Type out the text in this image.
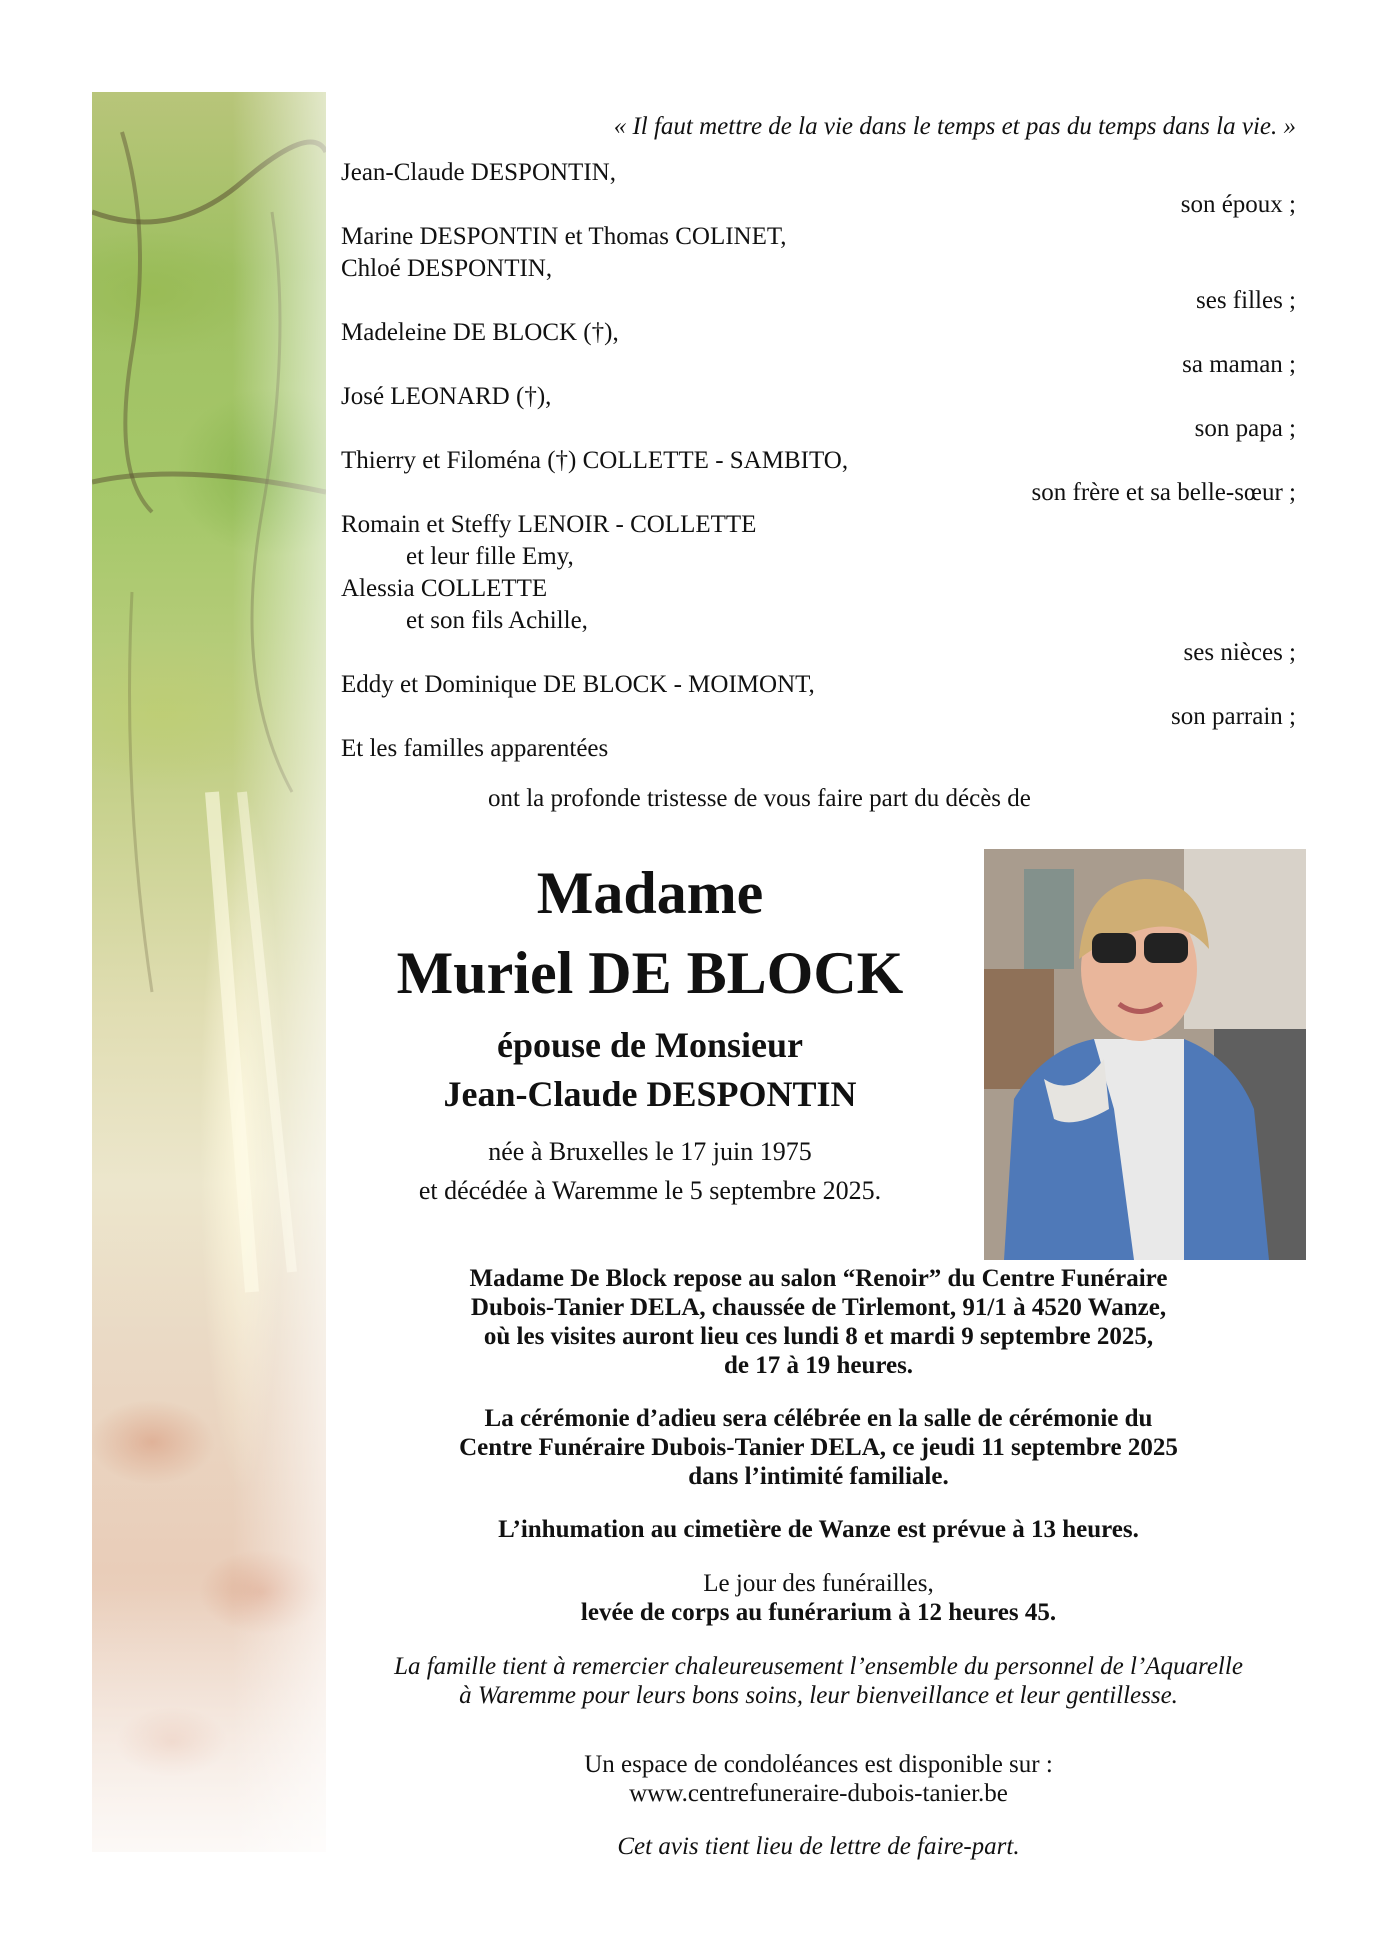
« Il faut mettre de la vie dans le temps et pas du temps dans la vie. »
Jean-Claude DESPONTIN,
son époux ;
Marine DESPONTIN et Thomas COLINET,
Chloé DESPONTIN,
ses filles ;
Madeleine DE BLOCK (†),
sa maman ;
José LEONARD (†),
son papa ;
Thierry et Filoména (†) COLLETTE - SAMBITO,
son frère et sa belle-sœur ;
Romain et Steffy LENOIR - COLLETTE
et leur fille Emy,
Alessia COLLETTE
et son fils Achille,
ses nièces ;
Eddy et Dominique DE BLOCK - MOIMONT,
son parrain ;
Et les familles apparentées
ont la profonde tristesse de vous faire part du décès de
Madame
Muriel DE BLOCK
épouse de Monsieur
Jean-Claude DESPONTIN
née à Bruxelles le 17 juin 1975
et décédée à Waremme le 5 septembre 2025.
Madame De Block repose au salon “Renoir” du Centre Funéraire
Dubois-Tanier DELA, chaussée de Tirlemont, 91/1 à 4520 Wanze,
où les visites auront lieu ces lundi 8 et mardi 9 septembre 2025,
de 17 à 19 heures.
La cérémonie d’adieu sera célébrée en la salle de cérémonie du
Centre Funéraire Dubois-Tanier DELA, ce jeudi 11 septembre 2025
dans l’intimité familiale.
L’inhumation au cimetière de Wanze est prévue à 13 heures.
Le jour des funérailles,
levée de corps au funérarium à 12 heures 45.
La famille tient à remercier chaleureusement l’ensemble du personnel de l’Aquarelle
à Waremme pour leurs bons soins, leur bienveillance et leur gentillesse.
Un espace de condoléances est disponible sur :
www.centrefuneraire-dubois-tanier.be
Cet avis tient lieu de lettre de faire-part.
